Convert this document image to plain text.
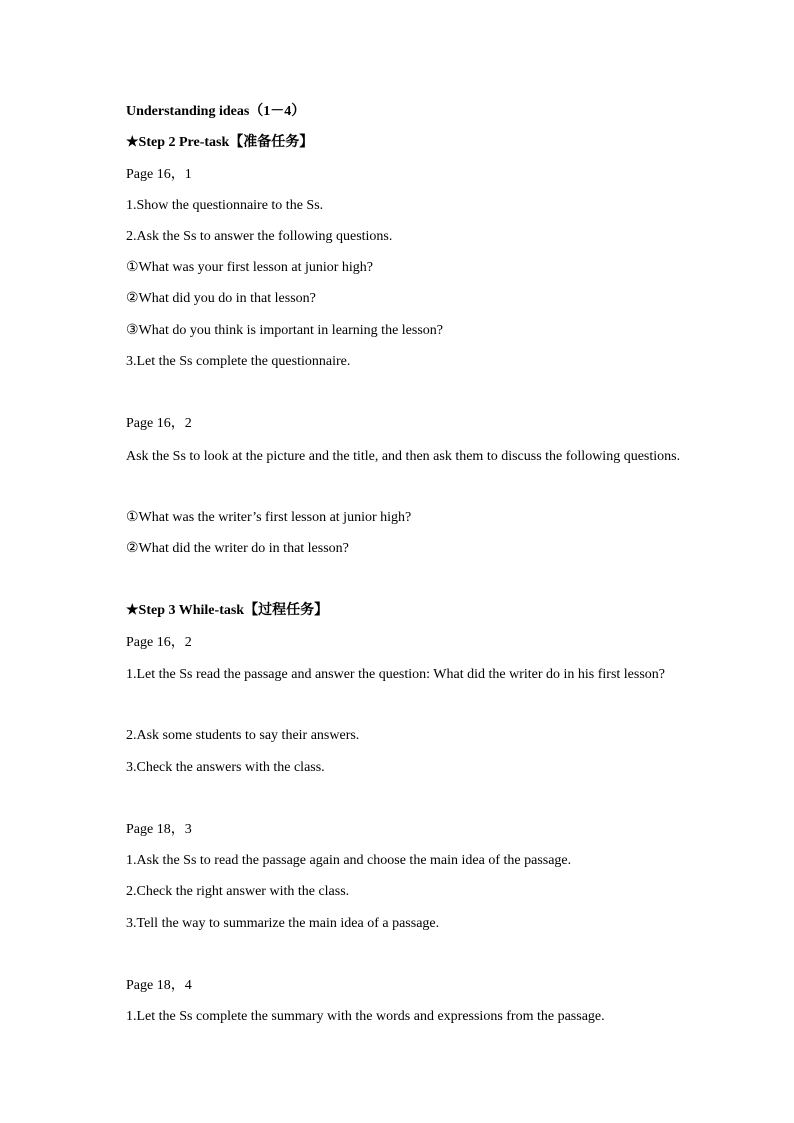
Understanding ideas（1－4）
★Step 2 Pre-task【准备任务】
Page 16，1
1.Show the questionnaire to the Ss.
2.Ask the Ss to answer the following questions.
①What was your first lesson at junior high?
②What did you do in that lesson?
③What do you think is important in learning the lesson?
3.Let the Ss complete the questionnaire.
Page 16，2
Ask the Ss to look at the picture and the title, and then ask them to discuss the following questions.
①What was the writer’s first lesson at junior high?
②What did the writer do in that lesson?
★Step 3 While-task【过程任务】
Page 16，2
1.Let the Ss read the passage and answer the question: What did the writer do in his first lesson?
2.Ask some students to say their answers.
3.Check the answers with the class.
Page 18，3
1.Ask the Ss to read the passage again and choose the main idea of the passage.
2.Check the right answer with the class.
3.Tell the way to summarize the main idea of a passage.
Page 18，4
1.Let the Ss complete the summary with the words and expressions from the passage.
